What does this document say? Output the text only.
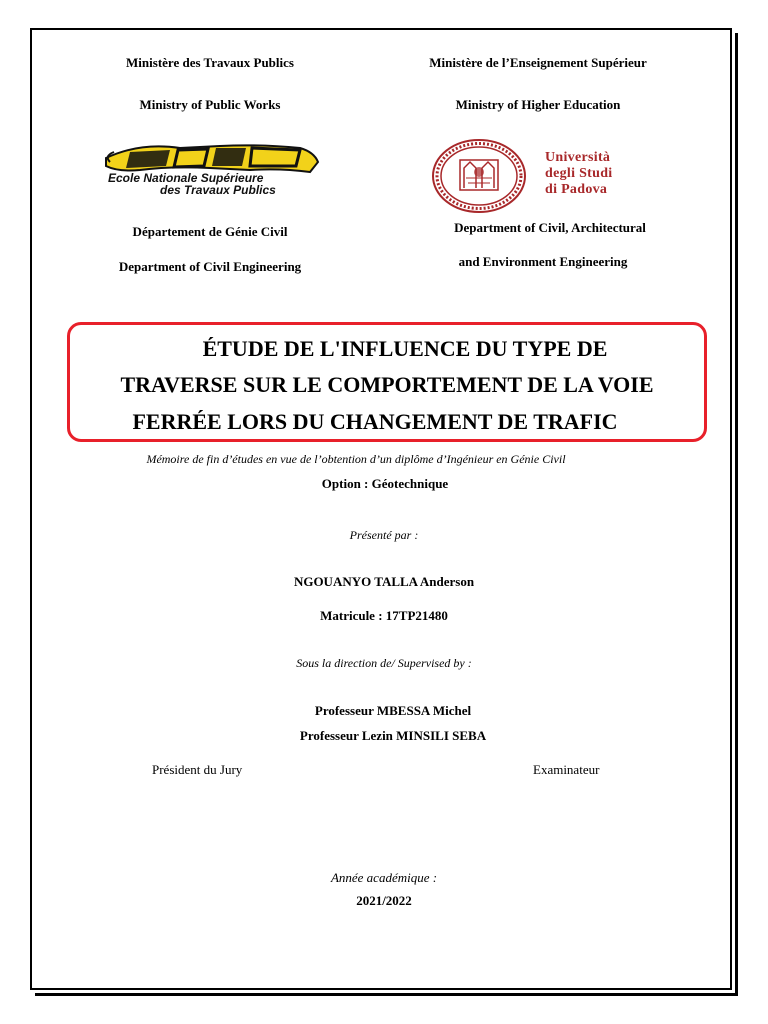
Ministère des Travaux Publics
Ministry of Public Works
Ecole Nationale Supérieure
des Travaux Publics
Département de Génie Civil
Department of Civil Engineering
Ministère de l’Enseignement Supérieur
Ministry of Higher Education
Università
degli Studi
di Padova
Department of Civil, Architectural
and Environment Engineering
ÉTUDE DE L'INFLUENCE DU TYPE DE
TRAVERSE SUR LE COMPORTEMENT DE LA VOIE
FERRÉE LORS DU CHANGEMENT DE TRAFIC
Mémoire de fin d’études en vue de l’obtention d’un diplôme d’Ingénieur en Génie Civil
Option : Géotechnique
Présenté par :
NGOUANYO TALLA Anderson
Matricule : 17TP21480
Sous la direction de/ Supervised by :
Professeur MBESSA Michel
Professeur Lezin MINSILI SEBA
Président du Jury	Examinateur
Année académique :
2021/2022
